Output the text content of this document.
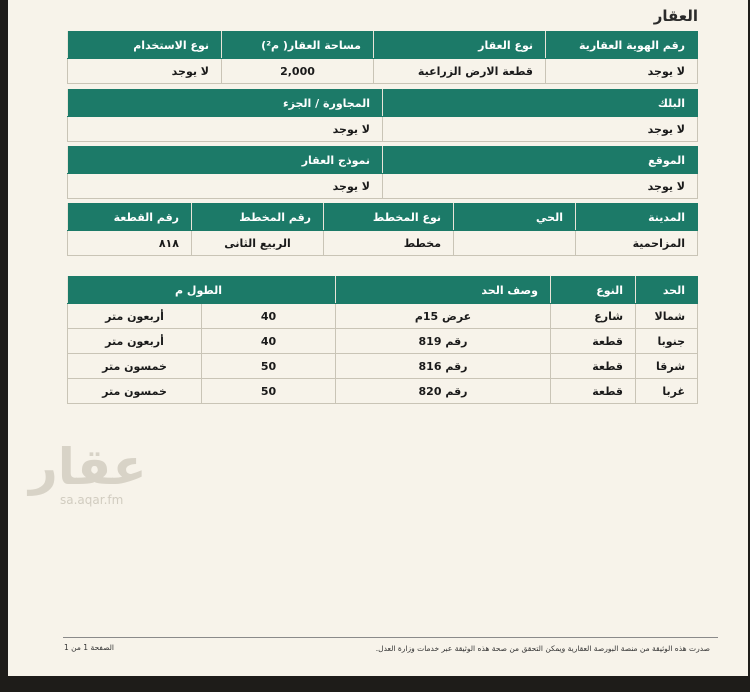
العقار
رقم الهوية العقارية	نوع العقار	مساحة العقار( م²)	نوع الاستخدام
لا يوجد	قطعة الارض الزراعية	2,000	لا يوجد
البلك	المجاورة / الجزء
لا يوجد	لا يوجد
الموقع	نموذج العقار
لا يوجد	لا يوجد
المدينة	الحي	نوع المخطط	رقم المخطط	رقم القطعة
المزاحمية		مخطط	الربيع الثانى	٨١٨
الحد	النوع	وصف الحد	الطول م	
شمالا	شارع	عرض 15م	40	أربعون متر
جنوبا	قطعة	رقم 819	40	أربعون متر
شرقا	قطعة	رقم 816	50	خمسون متر
غربا	قطعة	رقم 820	50	خمسون متر
عقار
sa.aqar.fm
صدرت هذه الوثيقة من منصة البورصة العقارية ويمكن التحقق من صحة هذه الوثيقة عبر خدمات وزارة العدل.
الصفحة 1 من 1
